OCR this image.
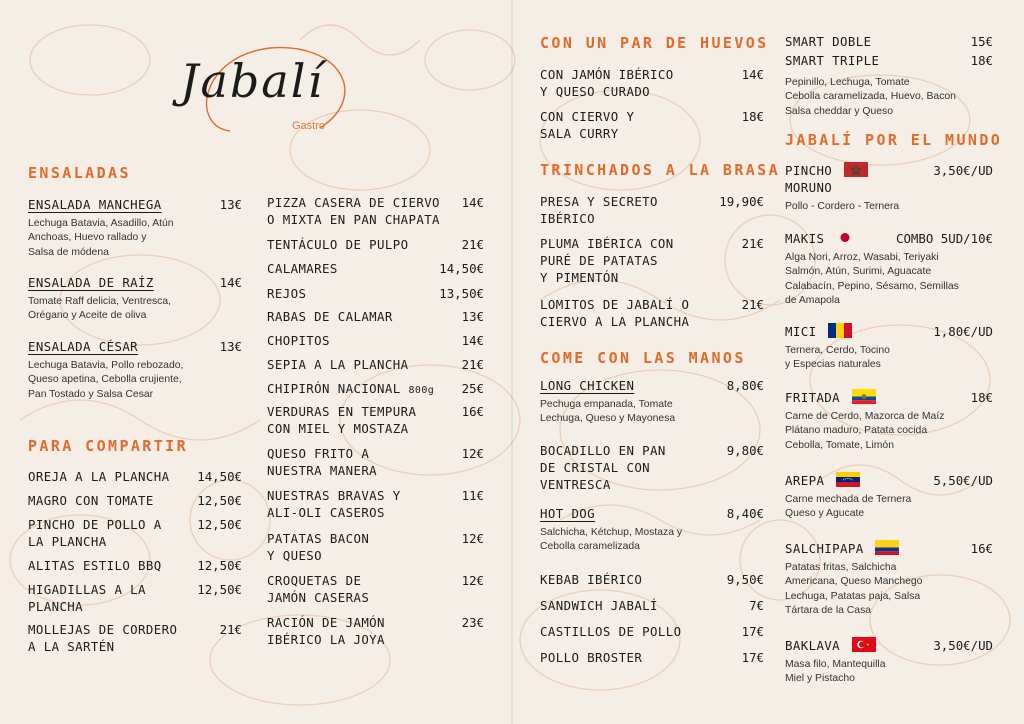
Jabalí
Gastro
ENSALADAS
ENSALADA MANCHEGA	13€
Lechuga Batavia, Asadillo, Atún
Anchoas, Huevo rallado y
Salsa de módena
ENSALADA DE RAÍZ	14€
Tomate Raff delicia, Ventresca,
Orégano y Aceite de oliva
ENSALADA CÉSAR	13€
Lechuga Batavia, Pollo rebozado,
Queso apetina, Cebolla crujiente,
Pan Tostado y Salsa Cesar
PARA COMPARTIR
OREJA A LA PLANCHA	14,50€
MAGRO CON TOMATE	12,50€
PINCHO DE POLLO A
LA PLANCHA
12,50€
ALITAS ESTILO BBQ	12,50€
HIGADILLAS A LA
PLANCHA
12,50€
MOLLEJAS DE CORDERO
A LA SARTÉN
21€
PIZZA CASERA DE CIERVO
O MIXTA EN PAN CHAPATA
14€
TENTÁCULO DE PULPO	21€
CALAMARES	14,50€
REJOS	13,50€
RABAS DE CALAMAR	13€
CHOPITOS	14€
SEPIA A LA PLANCHA	21€
CHIPIRÓN NACIONAL 800g	25€
VERDURAS EN TEMPURA
CON MIEL Y MOSTAZA
16€
QUESO FRITO A
NUESTRA MANERA
12€
NUESTRAS BRAVAS Y
ALI-OLI CASEROS
11€
PATATAS BACON
Y QUESO
12€
CROQUETAS DE
JAMÓN CASERAS
12€
RACIÓN DE JAMÓN
IBÉRICO LA JOYA
23€
CON UN PAR DE HUEVOS
CON JAMÓN IBÉRICO
Y QUESO CURADO
14€
CON CIERVO Y
SALA CURRY
18€
TRINCHADOS A LA BRASA
PRESA Y SECRETO
IBÉRICO
19,90€
PLUMA IBÉRICA CON
PURÉ DE PATATAS
Y PIMENTÓN
21€
LOMITOS DE JABALÍ O
CIERVO A LA PLANCHA
21€
COME CON LAS MANOS
LONG CHICKEN	8,80€
Pechuga empanada, Tomate
Lechuga, Queso y Mayonesa
BOCADILLO EN PAN
DE CRISTAL CON
VENTRESCA
9,80€
HOT DOG	8,40€
Salchicha, Kétchup, Mostaza y
Cebolla caramelizada
KEBAB IBÉRICO	9,50€
SANDWICH JABALÍ	7€
CASTILLOS DE POLLO	17€
POLLO BROSTER	17€
SMART DOBLE	15€
SMART TRIPLE	18€
Pepinillo, Lechuga, Tomate
Cebolla caramelizada, Huevo, Bacon
Salsa cheddar y Queso
JABALÍ POR EL MUNDO
PINCHO
MORUNO
3,50€/UD
Pollo - Cordero - Ternera
MAKIS	COMBO 5UD/10€
Alga Nori, Arroz, Wasabi, Teriyaki
Salmón, Atún, Surimi, Aguacate
Calabacín, Pepino, Sésamo, Semillas
de Amapola
MICI	1,80€/UD
Ternera, Cerdo, Tocino
y Especias naturales
FRITADA	18€
Carne de Cerdo, Mazorca de Maíz
Plátano maduro, Patata cocida
Cebolla, Tomate, Limón
AREPA	5,50€/UD
Carne mechada de Ternera
Queso y Agucate
SALCHIPAPA	16€
Patatas fritas, Salchicha
Americana, Queso Manchego
Lechuga, Patatas paja, Salsa
Tártara de la Casa
BAKLAVA	3,50€/UD
Masa filo, Mantequilla
Miel y Pistacho
